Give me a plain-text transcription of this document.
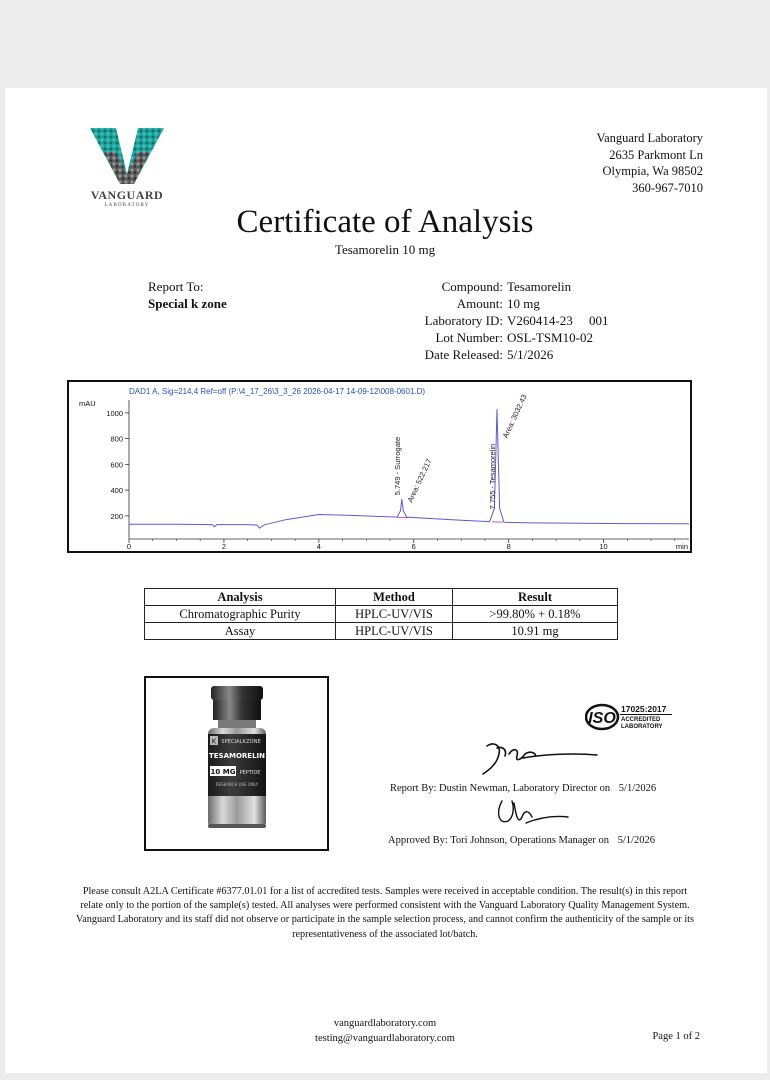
VANGUARD
LABORATORY
Vanguard Laboratory
2635 Parkmont Ln
Olympia, Wa 98502
360-967-7010
Certificate of Analysis
Tesamorelin 10 mg
Report To:
Special k zone
Compound: Tesamorelin
Amount: 10 mg
Laboratory ID: V260414-23     001
Lot Number: OSL-TSM10-02
Date Released: 5/1/2026
DAD1 A, Sig=214,4 Ref=off (P:\4_17_26\3_3_26 2026-04-17 14-09-12\008-0601.D)
mAU
200
400
600
800
1000
0	2	4	6	8	10	min
5.749 - Surrogate Area: 522.217	7.755 - Tesamorelin
Area: 3032.43
Analysis	Method	Result
Chromatographic Purity	HPLC-UV/VIS	>99.80% + 0.18%
Assay	HPLC-UV/VIS	10.91 mg
K SPECIALKZONE
TESAMORELIN
10 MG PEPTIDE
RESEARCH USE ONLY
ISO
17025:2017
ACCREDITED
LABORATORY
Report By: Dustin Newman, Laboratory Director on 5/1/2026
Approved By: Tori Johnson, Operations Manager on 5/1/2026
Please consult A2LA Certificate #6377.01.01 for a list of accredited tests. Samples were received in acceptable condition. The result(s) in this report relate only to the portion of the sample(s) tested. All analyses were performed consistent with the Vanguard Laboratory Quality Management System. Vanguard Laboratory and its staff did not observe or participate in the sample selection process, and cannot confirm the authenticity of the sample or its representativeness of the associated lot/batch.
vanguardlaboratory.com
testing@vanguardlaboratory.com	Page 1 of 2
